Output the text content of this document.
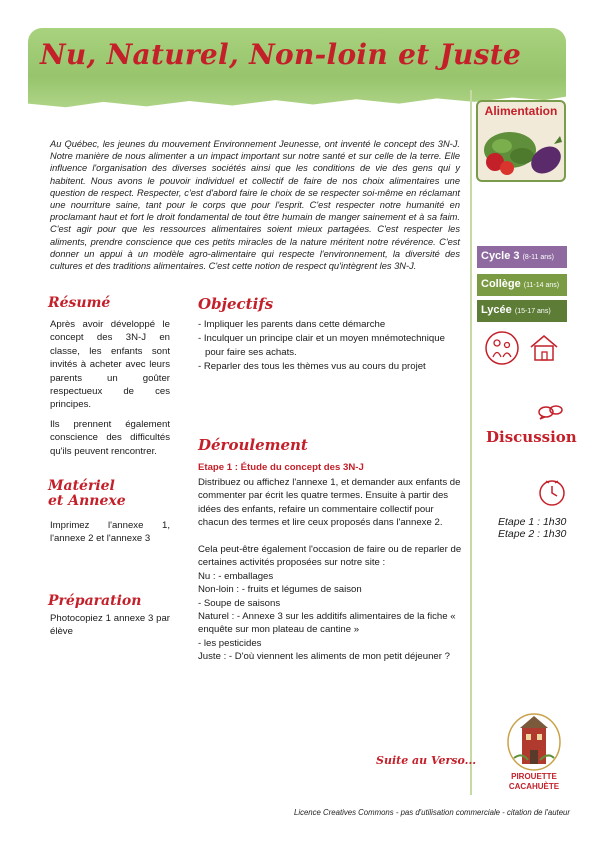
Nu, Naturel, Non-loin et Juste
Alimentation
Au Québec, les jeunes du mouvement Environnement Jeunesse, ont inventé le concept des 3N-J. Notre manière de nous alimenter a un impact important sur notre santé et sur celle de la terre. Elle influence l'organisation des diverses sociétés ainsi que les conditions de vie des gens qui y habitent. Nous avons le pouvoir individuel et collectif de faire de nos choix alimentaires une question de respect. Respecter, c'est d'abord faire le choix de se respecter soi-même en réclamant une nourriture saine, tant pour le corps que pour l'esprit. C'est respecter notre humanité en proclamant haut et fort le droit fondamental de tout être humain de manger sainement et à sa faim. C'est agir pour que les ressources alimentaires soient mieux partagées. C'est respecter les aliments, prendre conscience que ces petits miracles de la nature méritent notre révérence. C'est donner un appui à un modèle agro-alimentaire qui respecte l'environnement, la diversité des cultures et des traditions alimentaires. C'est cette notion de respect qu'intègrent les 3N-J.
Cycle 3 (8-11 ans)
Collège (11-14 ans)
Lycée (15-17 ans)
Discussion
Etape 1 : 1h30
Etape 2 : 1h30
Résumé

Après avoir développé le concept des 3N-J en classe, les enfants sont invités à acheter avec leurs parents un goûter respectueux de ces principes.

Ils prennent également conscience des difficultés qu'ils peuvent rencontrer.

Matériel
et Annexe
Imprimez l'annexe 1, l'annexe 2 et l'annexe 3
Préparation
Photocopiez 1 annexe 3 par élève
Objectifs
- Impliquer les parents dans cette démarche
- Inculquer un principe clair et un moyen mnémotechnique pour faire ses achats.
- Reparler des tous les thèmes vus au cours du projet
Déroulement
Etape 1 : Étude du concept des 3N-J

Distribuez ou affichez l'annexe 1, et demander aux enfants de commenter par écrit les quatre termes. Ensuite à partir des idées des enfants, refaire un commentaire collectif pour chacun des termes et lire ceux proposés dans l'annexe 2.

Cela peut-être également l'occasion de faire ou de reparler de certaines activités proposées sur notre site :

Nu : - emballages

Non-loin : - fruits et légumes de saison

- Soupe de saisons

Naturel : - Annexe 3 sur les additifs alimentaires de la fiche « enquête sur mon plateau de cantine »

- les pesticides

Juste : - D'où viennent les aliments de mon petit déjeuner ?

Suite au Verso...
PIROUETTE
CACAHUÈTE
Licence Creatives Commons - pas d'utilisation commerciale - citation de l'auteur
